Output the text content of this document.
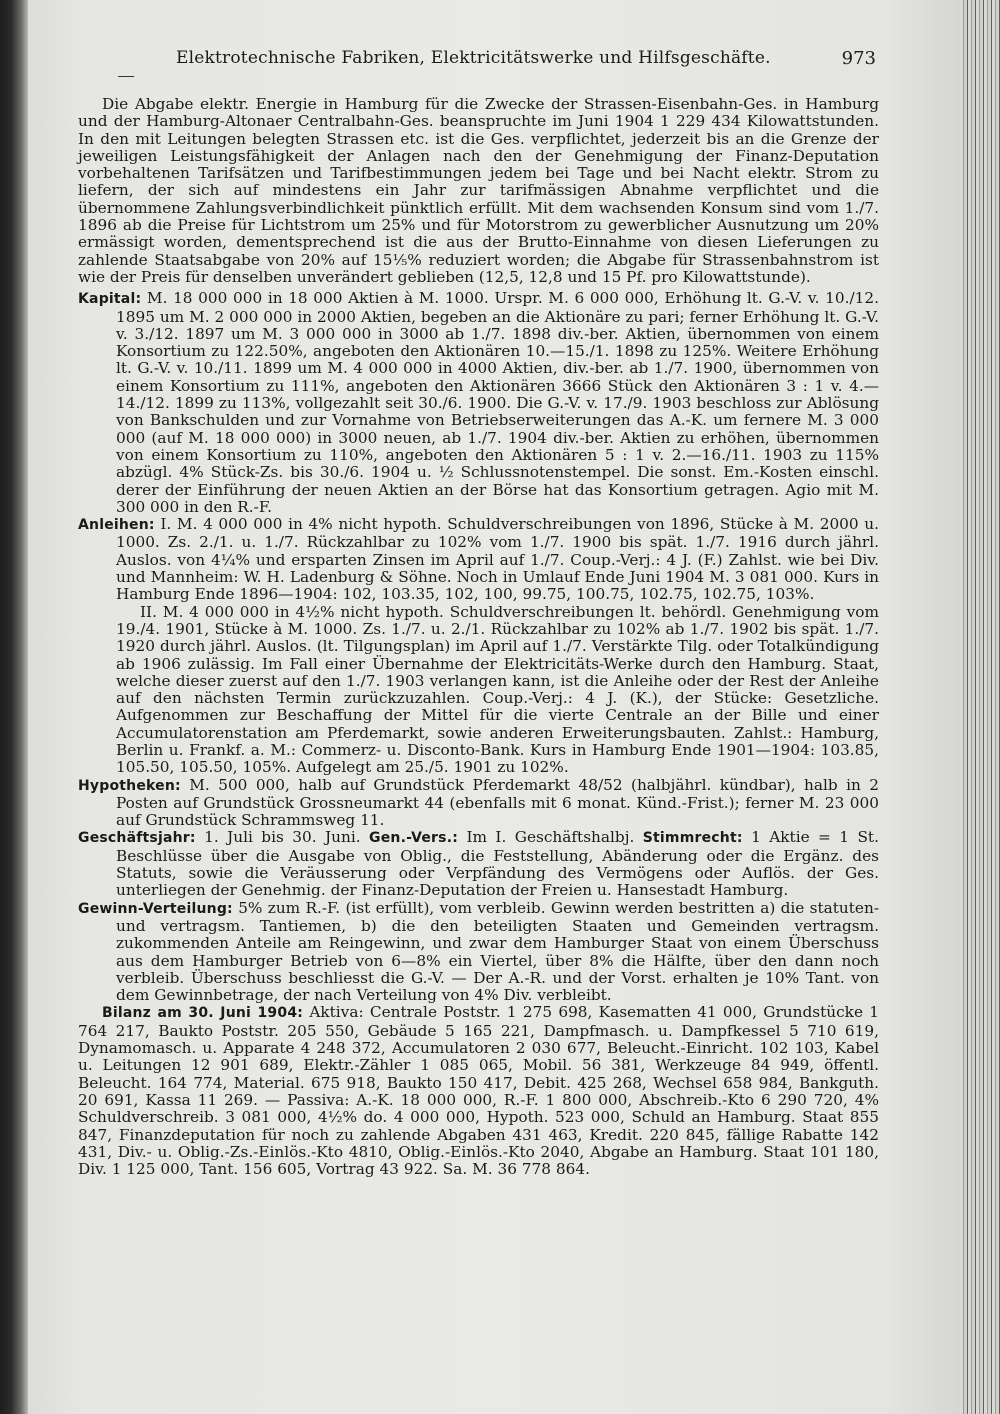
Elektrotechnische Fabriken, Elektricitätswerke und Hilfsgeschäfte.	973

Die Abgabe elektr. Energie in Hamburg für die Zwecke der Strassen-Eisenbahn-Ges. in Hamburg und der Hamburg-Altonaer Centralbahn-Ges. beanspruchte im Juni 1904 1 229 434 Kilowattstunden. In den mit Leitungen belegten Strassen etc. ist die Ges. verpflichtet, jederzeit bis an die Grenze der jeweiligen Leistungsfähigkeit der Anlagen nach den der Genehmigung der Finanz-Deputation vorbehaltenen Tarifsätzen und Tarifbestimmungen jedem bei Tage und bei Nacht elektr. Strom zu liefern, der sich auf mindestens ein Jahr zur tarifmässigen Abnahme verpflichtet und die übernommene Zahlungsverbindlichkeit pünktlich erfüllt. Mit dem wachsenden Konsum sind vom 1./7. 1896 ab die Preise für Lichtstrom um 25% und für Motorstrom zu gewerblicher Ausnutzung um 20% ermässigt worden, dementsprechend ist die aus der Brutto-Einnahme von diesen Lieferungen zu zahlende Staatsabgabe von 20% auf 15⅕% reduziert worden; die Abgabe für Strassenbahnstrom ist wie der Preis für denselben unverändert geblieben (12,5, 12,8 und 15 Pf. pro Kilowattstunde).

Kapital: M. 18 000 000 in 18 000 Aktien à M. 1000. Urspr. M. 6 000 000, Erhöhung lt. G.-V. v. 10./12. 1895 um M. 2 000 000 in 2000 Aktien, begeben an die Aktionäre zu pari; ferner Erhöhung lt. G.-V. v. 3./12. 1897 um M. 3 000 000 in 3000 ab 1./7. 1898 div.-ber. Aktien, übernommen von einem Konsortium zu 122.50%, angeboten den Aktionären 10.—15./1. 1898 zu 125%. Weitere Erhöhung lt. G.-V. v. 10./11. 1899 um M. 4 000 000 in 4000 Aktien, div.-ber. ab 1./7. 1900, übernommen von einem Konsortium zu 111%, angeboten den Aktionären 3666 Stück den Aktionären 3 : 1 v. 4.—14./12. 1899 zu 113%, vollgezahlt seit 30./6. 1900. Die G.-V. v. 17./9. 1903 beschloss zur Ablösung von Bankschulden und zur Vornahme von Betriebserweiterungen das A.-K. um fernere M. 3 000 000 (auf M. 18 000 000) in 3000 neuen, ab 1./7. 1904 div.-ber. Aktien zu erhöhen, übernommen von einem Konsortium zu 110%, angeboten den Aktionären 5 : 1 v. 2.—16./11. 1903 zu 115% abzügl. 4% Stück-Zs. bis 30./6. 1904 u. ½ Schlussnotenstempel. Die sonst. Em.-Kosten einschl. derer der Einführung der neuen Aktien an der Börse hat das Konsortium getragen. Agio mit M. 300 000 in den R.-F.

Anleihen: I. M. 4 000 000 in 4% nicht hypoth. Schuldverschreibungen von 1896, Stücke à M. 2000 u. 1000. Zs. 2./1. u. 1./7. Rückzahlbar zu 102% vom 1./7. 1900 bis spät. 1./7. 1916 durch jährl. Auslos. von 4¼% und ersparten Zinsen im April auf 1./7. Coup.-Verj.: 4 J. (F.) Zahlst. wie bei Div. und Mannheim: W. H. Ladenburg & Söhne. Noch in Umlauf Ende Juni 1904 M. 3 081 000. Kurs in Hamburg Ende 1896—1904: 102, 103.35, 102, 100, 99.75, 100.75, 102.75, 102.75, 103%.

II. M. 4 000 000 in 4½% nicht hypoth. Schuldverschreibungen lt. behördl. Genehmigung vom 19./4. 1901, Stücke à M. 1000. Zs. 1./7. u. 2./1. Rückzahlbar zu 102% ab 1./7. 1902 bis spät. 1./7. 1920 durch jährl. Auslos. (lt. Tilgungsplan) im April auf 1./7. Verstärkte Tilg. oder Totalkündigung ab 1906 zulässig. Im Fall einer Übernahme der Elektricitäts-Werke durch den Hamburg. Staat, welche dieser zuerst auf den 1./7. 1903 verlangen kann, ist die Anleihe oder der Rest der Anleihe auf den nächsten Termin zurückzuzahlen. Coup.-Verj.: 4 J. (K.), der Stücke: Gesetzliche. Aufgenommen zur Beschaffung der Mittel für die vierte Centrale an der Bille und einer Accumulatorenstation am Pferdemarkt, sowie anderen Erweiterungsbauten. Zahlst.: Hamburg, Berlin u. Frankf. a. M.: Commerz- u. Disconto-Bank. Kurs in Hamburg Ende 1901—1904: 103.85, 105.50, 105.50, 105%. Aufgelegt am 25./5. 1901 zu 102%.

Hypotheken: M. 500 000, halb auf Grundstück Pferdemarkt 48/52 (halbjährl. kündbar), halb in 2 Posten auf Grundstück Grossneumarkt 44 (ebenfalls mit 6 monat. Künd.-Frist.); ferner M. 23 000 auf Grundstück Schrammsweg 11.

Geschäftsjahr: 1. Juli bis 30. Juni. Gen.-Vers.: Im I. Geschäftshalbj. Stimmrecht: 1 Aktie = 1 St. Beschlüsse über die Ausgabe von Oblig., die Feststellung, Abänderung oder die Ergänz. des Statuts, sowie die Veräusserung oder Verpfändung des Vermögens oder Auflös. der Ges. unterliegen der Genehmig. der Finanz-Deputation der Freien u. Hansestadt Hamburg.

Gewinn-Verteilung: 5% zum R.-F. (ist erfüllt), vom verbleib. Gewinn werden bestritten a) die statuten- und vertragsm. Tantiemen, b) die den beteiligten Staaten und Gemeinden vertragsm. zukommenden Anteile am Reingewinn, und zwar dem Hamburger Staat von einem Überschuss aus dem Hamburger Betrieb von 6—8% ein Viertel, über 8% die Hälfte, über den dann noch verbleib. Überschuss beschliesst die G.-V. — Der A.-R. und der Vorst. erhalten je 10% Tant. von dem Gewinnbetrage, der nach Verteilung von 4% Div. verbleibt.

Bilanz am 30. Juni 1904: Aktiva: Centrale Poststr. 1 275 698, Kasematten 41 000, Grundstücke 1 764 217, Baukto Poststr. 205 550, Gebäude 5 165 221, Dampfmasch. u. Dampfkessel 5 710 619, Dynamomasch. u. Apparate 4 248 372, Accumulatoren 2 030 677, Beleucht.-Einricht. 102 103, Kabel u. Leitungen 12 901 689, Elektr.-Zähler 1 085 065, Mobil. 56 381, Werkzeuge 84 949, öffentl. Beleucht. 164 774, Material. 675 918, Baukto 150 417, Debit. 425 268, Wechsel 658 984, Bankguth. 20 691, Kassa 11 269. — Passiva: A.-K. 18 000 000, R.-F. 1 800 000, Abschreib.-Kto 6 290 720, 4% Schuldverschreib. 3 081 000, 4½% do. 4 000 000, Hypoth. 523 000, Schuld an Hamburg. Staat 855 847, Finanzdeputation für noch zu zahlende Abgaben 431 463, Kredit. 220 845, fällige Rabatte 142 431, Div.- u. Oblig.-Zs.-Einlös.-Kto 4810, Oblig.-Einlös.-Kto 2040, Abgabe an Hamburg. Staat 101 180, Div. 1 125 000, Tant. 156 605, Vortrag 43 922. Sa. M. 36 778 864.
